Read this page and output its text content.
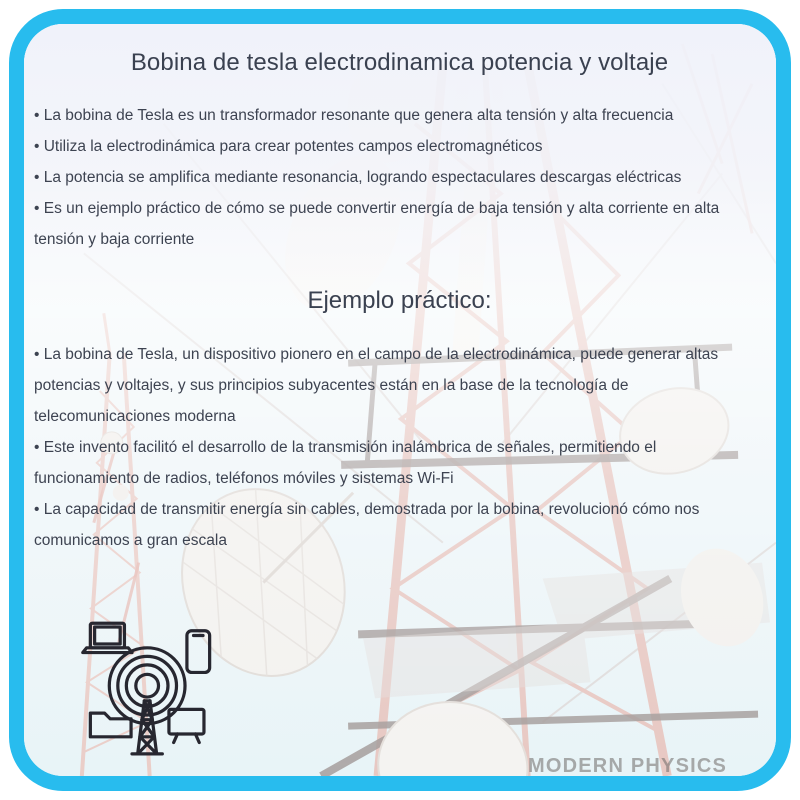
Bobina de tesla electrodinamica potencia y voltaje

• La bobina de Tesla es un transformador resonante que genera alta tensión y alta frecuencia

• Utiliza la electrodinámica para crear potentes campos electromagnéticos

• La potencia se amplifica mediante resonancia, logrando espectaculares descargas eléctricas

• Es un ejemplo práctico de cómo se puede convertir energía de baja tensión y alta corriente en alta tensión y baja corriente

Ejemplo práctico:

• La bobina de Tesla, un dispositivo pionero en el campo de la electrodinámica, puede generar altas potencias y voltajes, y sus principios subyacentes están en la base de la tecnología de telecomunicaciones moderna

• Este invento facilitó el desarrollo de la transmisión inalámbrica de señales, permitiendo el funcionamiento de radios, teléfonos móviles y sistemas Wi-Fi

• La capacidad de transmitir energía sin cables, demostrada por la bobina, revolucionó cómo nos comunicamos a gran escala

MODERN PHYSICS
